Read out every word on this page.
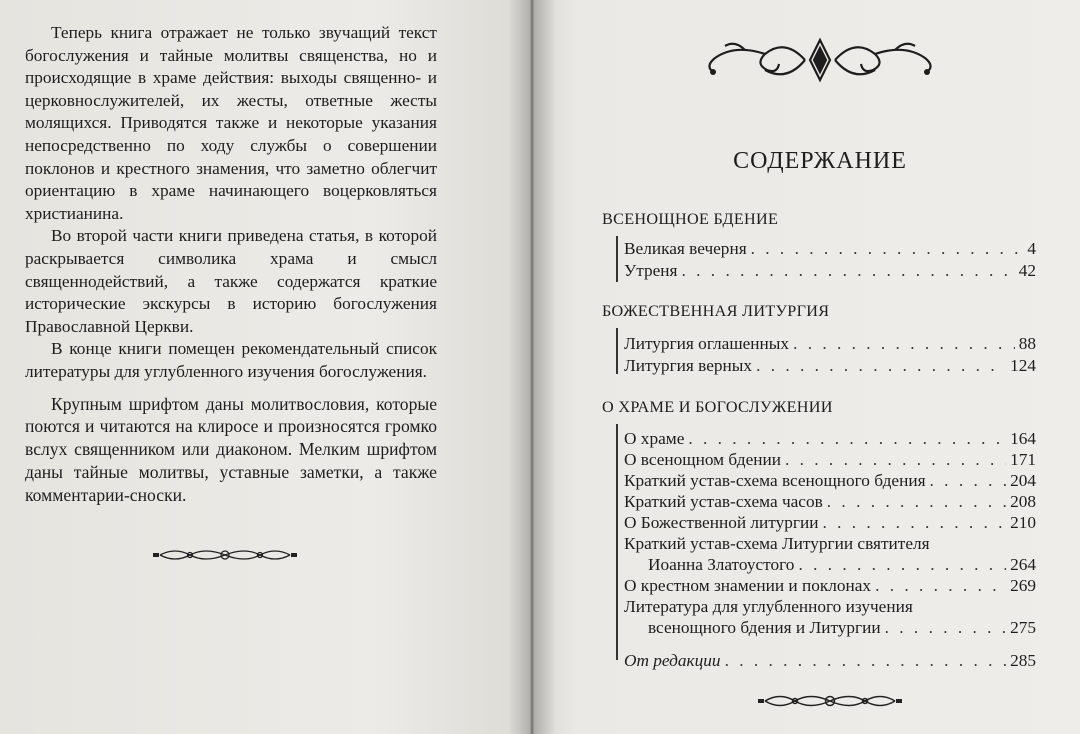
Теперь книга отражает не только звучащий текст богослужения и тайные молитвы священства, но и происходящие в храме действия: выходы священно- и церковнослужителей, их жесты, ответные жесты молящихся. Приводятся также и некоторые указания непосредственно по ходу службы о совершении поклонов и крестного знамения, что заметно облегчит ориентацию в храме начинающего воцерковляться христианина.

Во второй части книги приведена статья, в которой раскрывается символика храма и смысл священнодействий, а также содержатся краткие исторические экскурсы в историю богослужения Православной Церкви.

В конце книги помещен рекомендательный список литературы для углубленного изучения богослужения.

Крупным шрифтом даны молитвословия, которые поются и читаются на клиросе и произносятся громко вслух священником или диаконом. Мелким шрифтом даны тайные молитвы, уставные заметки, а также комментарии-сноски.

СОДЕРЖАНИЕ
ВСЕНОЩНОЕ БДЕНИЕ
Великая вечерня . . .	4
Утреня . . .	42
БОЖЕСТВЕННАЯ ЛИТУРГИЯ
Литургия оглашенных . . .	88
Литургия верных . . .	124
О ХРАМЕ И БОГОСЛУЖЕНИИ
О храме . . .	164
О всенощном бдении . . .	171
Краткий устав-схема всенощного бдения . . .	204
Краткий устав-схема часов . . .	208
О Божественной литургии . . .	210
Краткий устав-схема Литургии святителя
Иоанна Златоустого . . .	264
О крестном знамении и поклонах . . .	269
Литература для углубленного изучения
всенощного бдения и Литургии . . .	275
От редакции . . .	285
